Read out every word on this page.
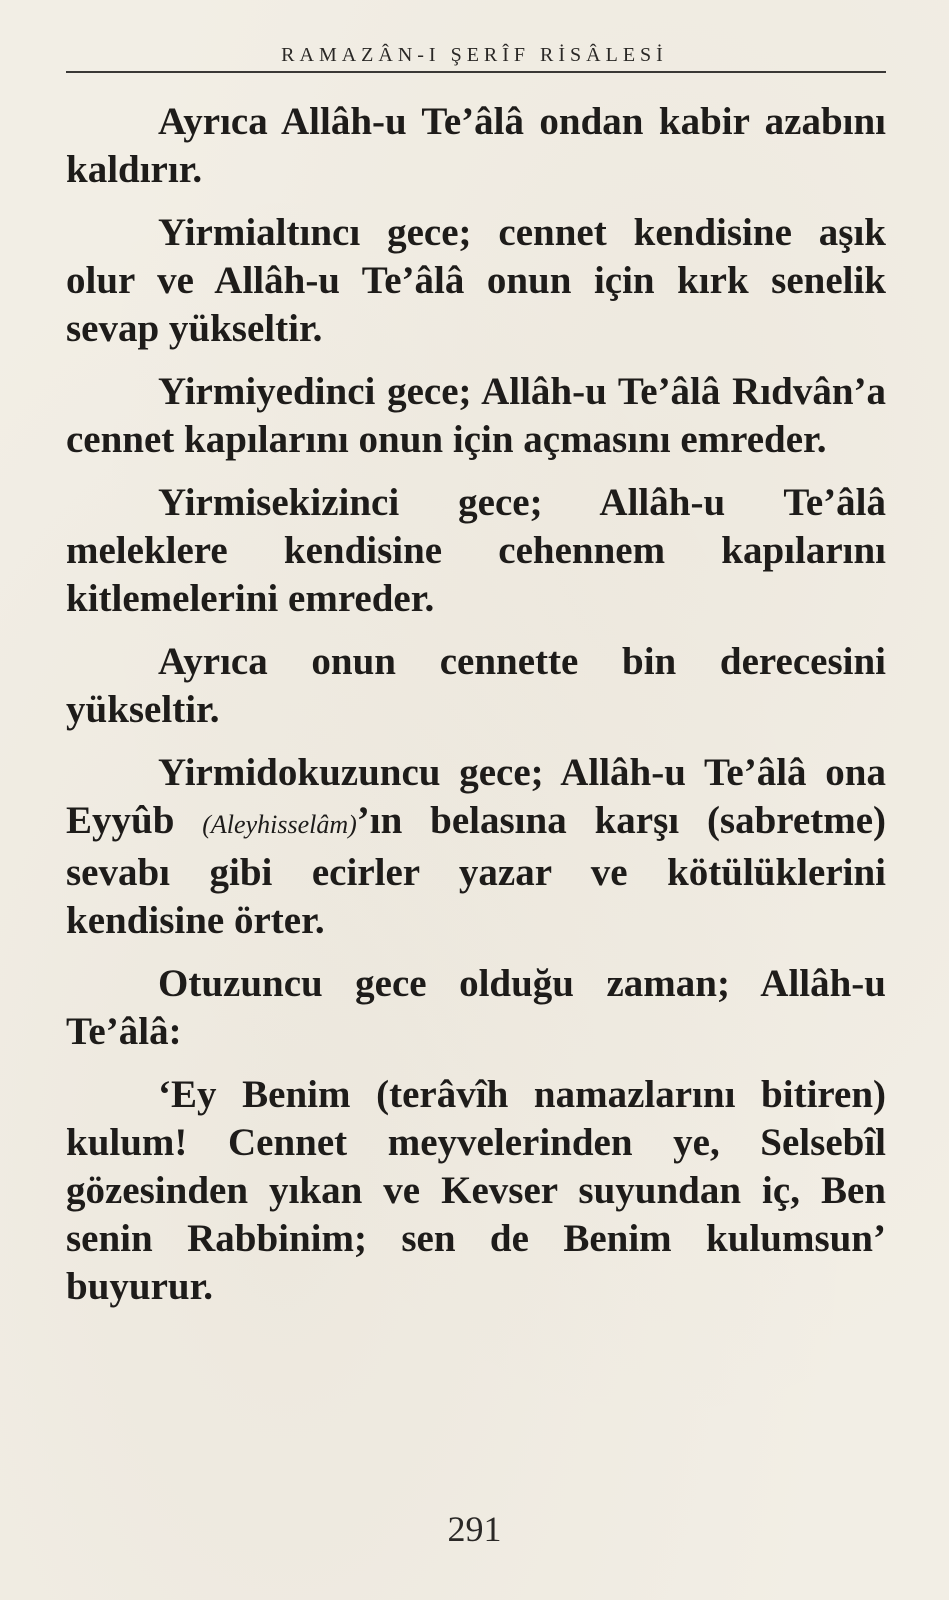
RAMAZÂN-I ŞERÎF RİSÂLESİ

Ayrıca Allâh-u Te’âlâ ondan kabir azabını kaldırır.

Yirmialtıncı gece; cennet kendisine aşık olur ve Allâh-u Te’âlâ onun için kırk senelik sevap yükseltir.

Yirmiyedinci gece; Allâh-u Te’âlâ Rıdvân’a cennet kapılarını onun için açmasını emreder.

Yirmisekizinci gece; Allâh-u Te’âlâ meleklere kendisine cehennem kapılarını kitlemelerini emreder.

Ayrıca onun cennette bin derecesini yükseltir.

Yirmidokuzuncu gece; Allâh-u Te’âlâ ona Eyyûb (Aleyhisselâm)’ın belasına karşı (sabretme) sevabı gibi ecirler yazar ve kötülüklerini kendisine örter.

Otuzuncu gece olduğu zaman; Allâh-u Te’âlâ:

‘Ey Benim (terâvîh namazlarını bitiren) kulum! Cennet meyvelerinden ye, Selsebîl gözesinden yıkan ve Kevser suyundan iç, Ben senin Rabbinim; sen de Benim kulumsun’ buyurur.

291
